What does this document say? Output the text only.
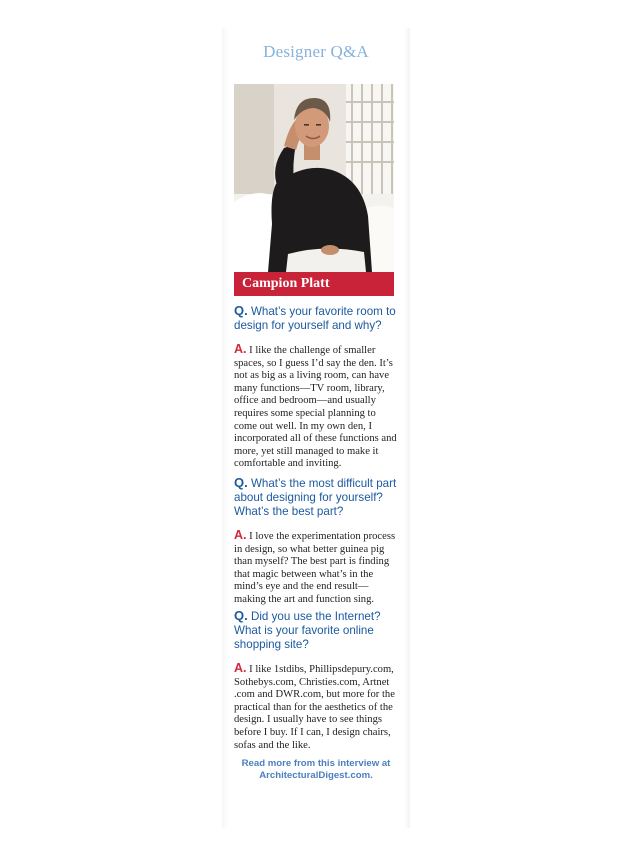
Designer Q&A
Campion Platt

Q. What’s your favorite room to design for yourself and why?

A. I like the challenge of smaller spaces, so I guess I’d say the den. It’s not as big as a living room, can have many functions—TV room, library, office and bedroom—and usually requires some special planning to come out well. In my own den, I incorporated all of these functions and more, yet still managed to make it comfortable and inviting.

Q. What’s the most difficult part about designing for yourself? What’s the best part?

A. I love the experimentation process in design, so what better guinea pig than myself? The best part is finding that magic between what’s in the mind’s eye and the end result—making the art and function sing.

Q. Did you use the Internet? What is your favorite online shopping site?

A. I like 1stdibs, Phillipsdepury.com, Sothebys.com, Christies.com, Artnet .com and DWR.com, but more for the practical than for the aesthetics of the design. I usually have to see things before I buy. If I can, I design chairs, sofas and the like.

Read more from this interview at
ArchitecturalDigest.com.
